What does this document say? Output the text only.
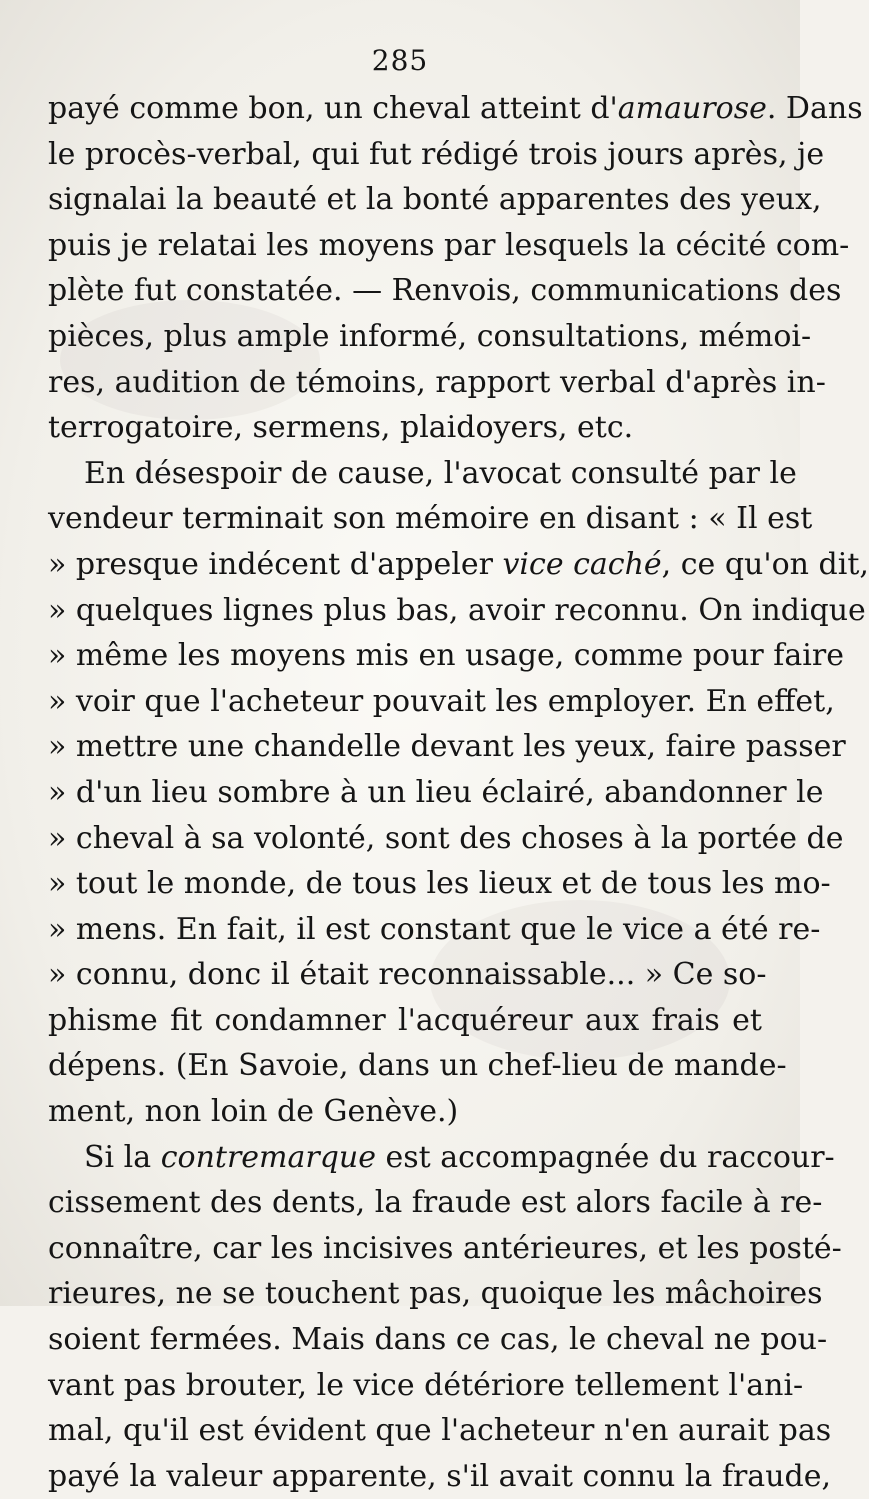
285
payé comme bon, un cheval atteint d'amaurose. Dans
le procès-verbal, qui fut rédigé trois jours après, je
signalai la beauté et la bonté apparentes des yeux,
puis je relatai les moyens par lesquels la cécité com-
plète fut constatée. — Renvois, communications des
pièces, plus ample informé, consultations, mémoi-
res, audition de témoins, rapport verbal d'après in-
terrogatoire, sermens, plaidoyers, etc.
En désespoir de cause, l'avocat consulté par le
vendeur terminait son mémoire en disant : « Il est
» presque indécent d'appeler vice caché, ce qu'on dit,
» quelques lignes plus bas, avoir reconnu. On indique
» même les moyens mis en usage, comme pour faire
» voir que l'acheteur pouvait les employer. En effet,
» mettre une chandelle devant les yeux, faire passer
» d'un lieu sombre à un lieu éclairé, abandonner le
» cheval à sa volonté, sont des choses à la portée de
» tout le monde, de tous les lieux et de tous les mo-
» mens. En fait, il est constant que le vice a été re-
» connu, donc il était reconnaissable... » Ce so-
phisme fit condamner l'acquéreur aux frais et
dépens. (En Savoie, dans un chef-lieu de mande-
ment, non loin de Genève.)
Si la contremarque est accompagnée du raccour-
cissement des dents, la fraude est alors facile à re-
connaître, car les incisives antérieures, et les posté-
rieures, ne se touchent pas, quoique les mâchoires
soient fermées. Mais dans ce cas, le cheval ne pou-
vant pas brouter, le vice détériore tellement l'ani-
mal, qu'il est évident que l'acheteur n'en aurait pas
payé la valeur apparente, s'il avait connu la fraude,
